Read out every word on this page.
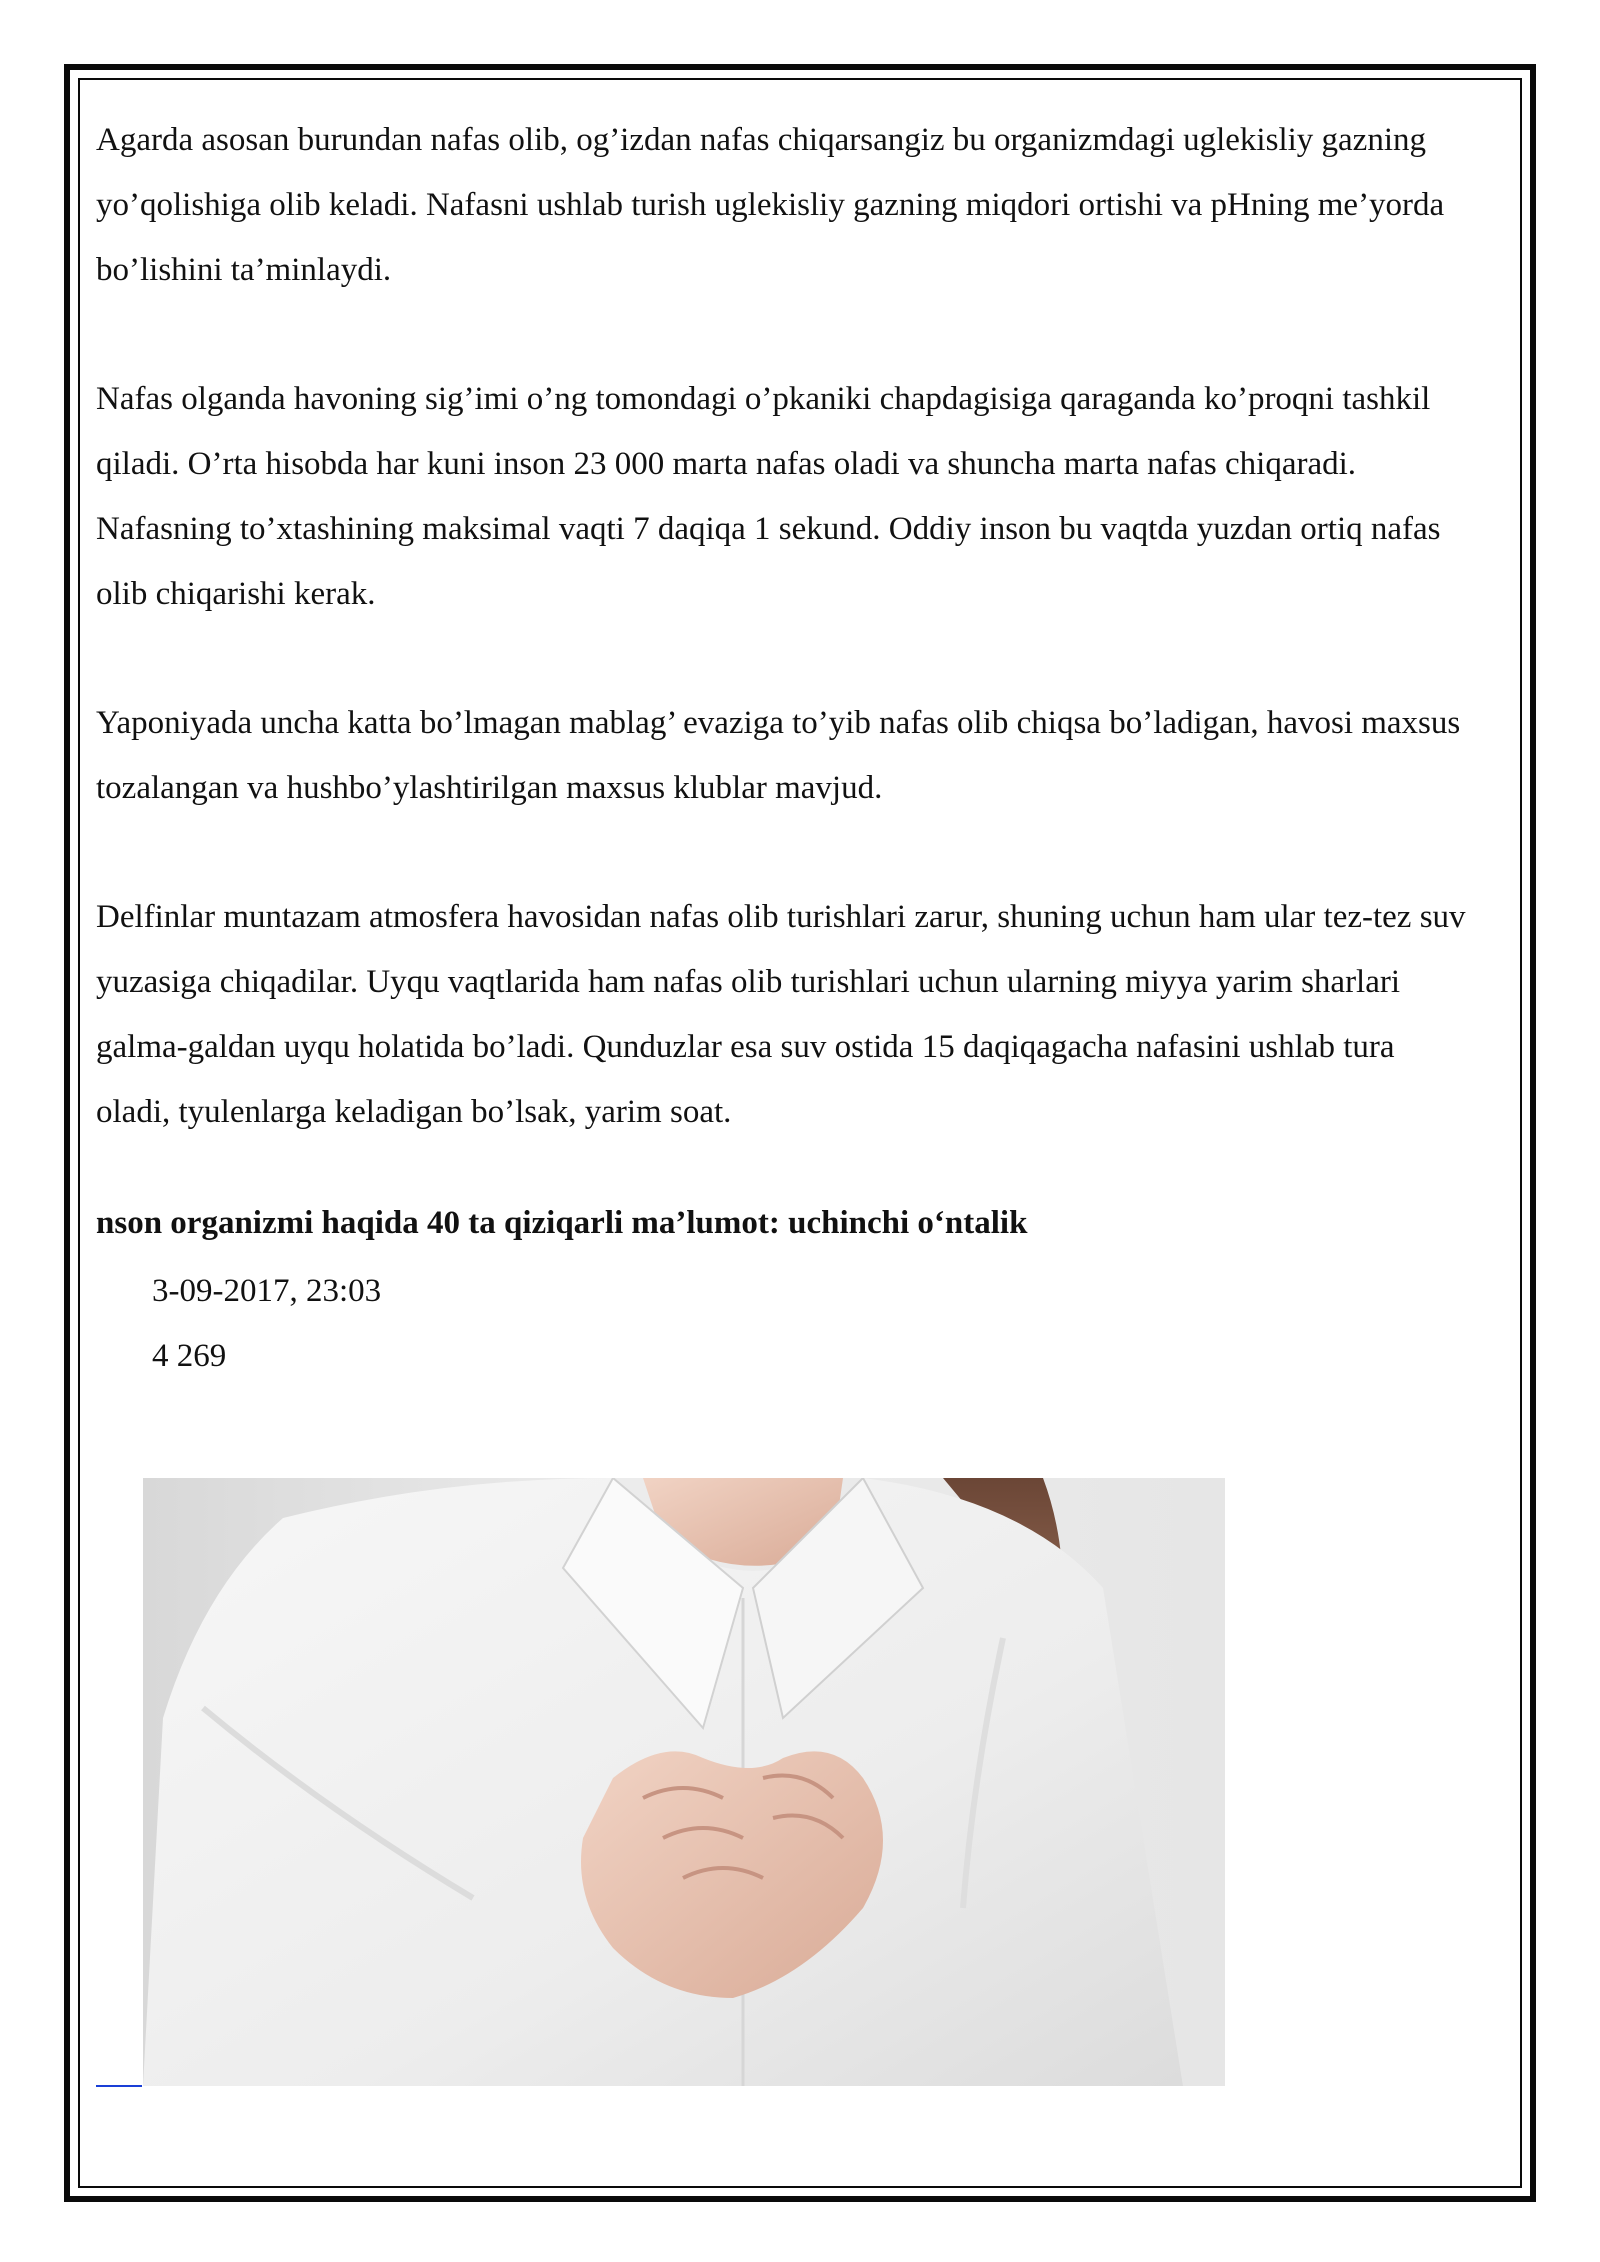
Agarda asosan burundan nafas olib, og’izdan nafas chiqarsangiz bu organizmdagi uglekisliy gazning yo’qolishiga olib keladi. Nafasni ushlab turish uglekisliy gazning miqdori ortishi va pHning me’yorda bo’lishini ta’minlaydi.

Nafas olganda havoning sig’imi o’ng tomondagi o’pkaniki chapdagisiga qaraganda ko’proqni tashkil qiladi. O’rta hisobda har kuni inson 23 000 marta nafas oladi va shuncha marta nafas chiqaradi. Nafasning to’xtashining maksimal vaqti 7 daqiqa 1 sekund. Oddiy inson bu vaqtda yuzdan ortiq nafas olib chiqarishi kerak.

Yaponiyada uncha katta bo’lmagan mablag’ evaziga to’yib nafas olib chiqsa bo’ladigan, havosi maxsus tozalangan va hushbo’ylashtirilgan maxsus klublar mavjud.

Delfinlar muntazam atmosfera havosidan nafas olib turishlari zarur, shuning uchun ham ular tez-tez suv yuzasiga chiqadilar. Uyqu vaqtlarida ham nafas olib turishlari uchun ularning miyya yarim sharlari galma-galdan uyqu holatida bo’ladi. Qunduzlar esa suv ostida 15 daqiqagacha nafasini ushlab tura oladi, tyulenlarga keladigan bo’lsak, yarim soat.

nson organizmi haqida 40 ta qiziqarli ma’lumot: uchinchi o‘ntalik

3-09-2017, 23:03

4 269
